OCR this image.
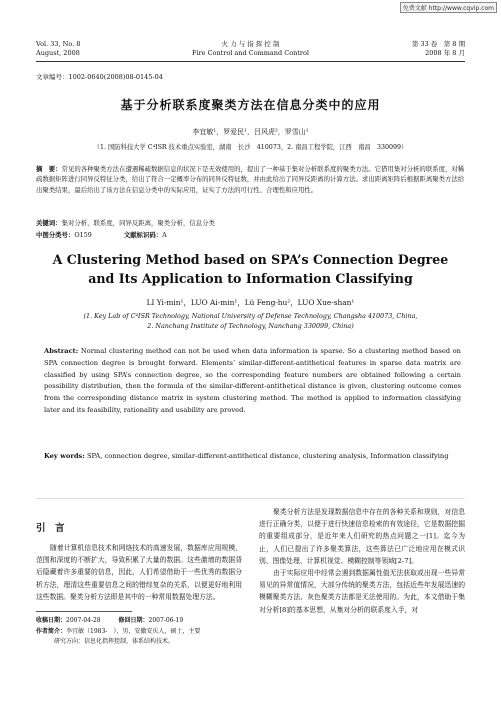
免费文献 http://www.cqvip.com
Vol. 33, No. 8
August, 2008
火 力 与 指 挥 控 制
Fire Control and Command Control
第 33 卷　第 8 期
2008 年 8 月
文章编号：1002-0640(2008)08-0145-04
基于分析联系度聚类方法在信息分类中的应用
李宜敏¹，罗爱民¹，吕风虎²，罗雪山¹
（1. 国防科技大学 C⁴ISR 技术重点实验室，湖南　长沙　410073，2. 南昌工程学院，江西　南昌　330099）
摘　要：常见的各种聚类方法在遭遇稀疏数据信息的状况下是无效使用的，提出了一种基于集对分析联系度的聚类方法。它借用集对分析的联系度，对稀疏数据矩阵进行同异反特征分类，给出了符合一定概率分布的同异反特征数，并由此给出了同异反距离的计算方法。求出距离矩阵后根据距离聚类方法给出聚类结果，最后给出了该方法在信息分类中的实际应用，证实了方法的可行性、合理性和应用性。
关键词：集对分析，联系度，同异反距离，聚类分析，信息分类
中图分类号：O159	文献标识码：A
A Clustering Method based on SPA’s Connection Degree
and Its Application to Information Classifying
LI Yi-min¹，LUO Ai-min¹，Lü Feng-hu²，LUO Xue-shan¹
(1. Key Lab of C⁴ISR Technology, National University of Defense Technology, Changsha 410073, China,
2. Nanchang Institute of Technology, Nanchang 330099, China)
Abstract: Normal clustering method can not be used when data information is sparse. So a clustering method based on SPA connection degree is brought forward. Elements’ similar-different-antithetical features in sparse data matrix are classified by using SPA’s connection degree, so the corresponding feature numbers are obtained following a certain possibility distribution, then the formula of the similar-different-antithetical distance is given, clustering outcome comes from the corresponding distance matrix in system clustering method. The method is applied to information classifying later and its feasibility, rationality and usability are proved.
Key words: SPA, connection degree, similar-different-antithetical distance, clustering analysis, Information classifying
引　言

随着计算机信息技术和网络技术的高速发展，数据库应用规模、范围和深度的不断扩大，导致积累了大量的数据。这些激增的数据背后隐藏着许多重要的信息，因此，人们希望借助于一些优秀的数据分析方法，理清这些重要信息之间的错综复杂的关系，以便更好地利用这些数据。聚类分析方法即是其中的一种常用数据处理方法。

收稿日期：2007-04-28	修回日期：2007-06-19
作者简介：李宜敏（1983-　），男，安徽安庆人，硕士，主要
研究方向：信息化指挥控制、体系结构技术。

聚类分析方法是发现数据信息中存在的各种关系和规则，对信息进行正确分类，以便于进行快速信息检索的有效途径，它是数据挖掘的重要组成部分，是近年来人们研究的热点问题之一[1]。迄今为止，人们已提出了许多聚类算法，这些算法已广泛地应用在模式识别、图像处理、计算机视觉、模糊控制等领域[2-7]。

由于实际应用中经常会遇到数据属性值无法获取或出现一些异常易见的异常值情况，大部分传统的聚类方法，包括近些年发展迅速的模糊聚类方法、灰色聚类方法都是无法使用的。为此，本文借助于集对分析[8]的基本思想，从集对分析的联系度入手，对
